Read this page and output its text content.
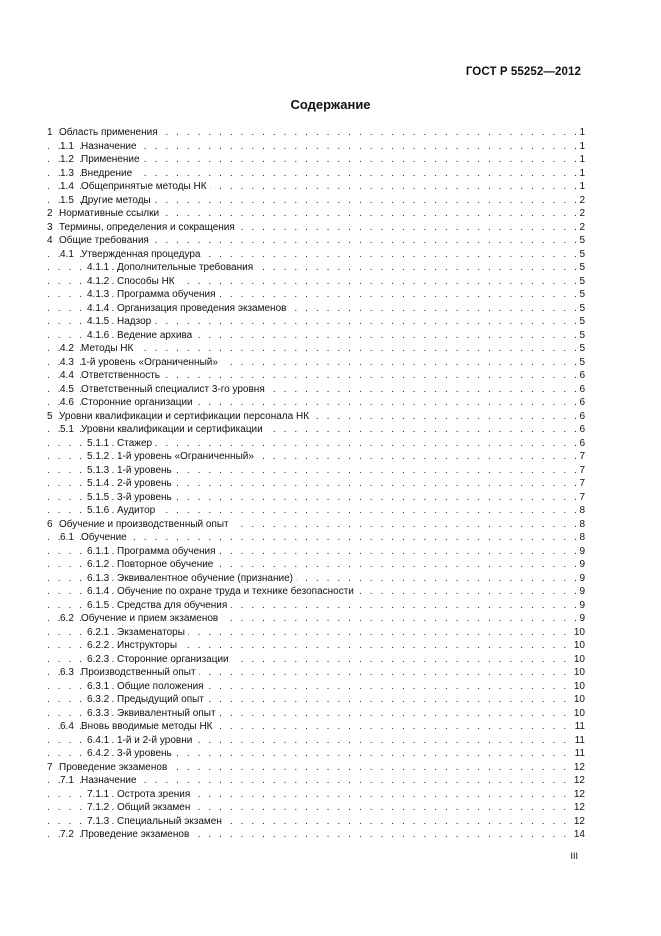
ГОСТ Р 55252—2012
Содержание
. . .
1 Область применения	1
. . .
1.1 Назначение	1
. . .
1.2 Применение	1
. . .
1.3 Внедрение	1
. . .
1.4 Общепринятые методы НК	1
. . .
1.5 Другие методы	2
. . .
2 Нормативные ссылки	2
. . .
3 Термины, определения и сокращения	2
. . .
4 Общие требования	5
. . .
4.1 Утвержденная процедура	5
. . .
4.1.1 Дополнительные требования	5
. . .
4.1.2 Способы НК	5
. . .
4.1.3 Программа обучения	5
. . .
4.1.4 Организация проведения экзаменов	5
. . .
4.1.5 Надзор	5
. . .
4.1.6 Ведение архива	5
. . .
4.2 Методы НК	5
. . .
4.3 1-й уровень «Ограниченный»	5
. . .
4.4 Ответственность	6
. . .
4.5 Ответственный специалист 3-го уровня	6
. . .
4.6 Сторонние организации	6
. . .
5 Уровни квалификации и сертификации персонала НК	6
. . .
5.1 Уровни квалификации и сертификации	6
. . .
5.1.1 Стажер	6
. . .
5.1.2 1-й уровень «Ограниченный»	7
. . .
5.1.3 1-й уровень	7
. . .
5.1.4 2-й уровень	7
. . .
5.1.5 3-й уровень	7
. . .
5.1.6 Аудитор	8
. . .
6 Обучение и производственный опыт	8
. . .
6.1 Обучение	8
. . .
6.1.1 Программа обучения	9
. . .
6.1.2 Повторное обучение	9
. . .
6.1.3 Эквивалентное обучение (признание)	9
. . .
6.1.4 Обучение по охране труда и технике безопасности	9
. . .
6.1.5 Средства для обучения	9
. . .
6.2 Обучение и прием экзаменов	9
. . .
6.2.1 Экзаменаторы	10
. . .
6.2.2 Инструкторы	10
. . .
6.2.3 Сторонние организации	10
. . .
6.3 Производственный опыт	10
. . .
6.3.1 Общие положения	10
. . .
6.3.2 Предыдущий опыт	10
. . .
6.3.3 Эквивалентный опыт	10
. . .
6.4 Вновь вводимые методы НК	11
. . .
6.4.1 1-й и 2-й уровни	11
. . .
6.4.2 3-й уровень	11
. . .
7 Проведение экзаменов	12
. . .
7.1 Назначение	12
. . .
7.1.1 Острота зрения	12
. . .
7.1.2 Общий экзамен	12
. . .
7.1.3 Специальный экзамен	12
. . .
7.2 Проведение экзаменов	14
III
